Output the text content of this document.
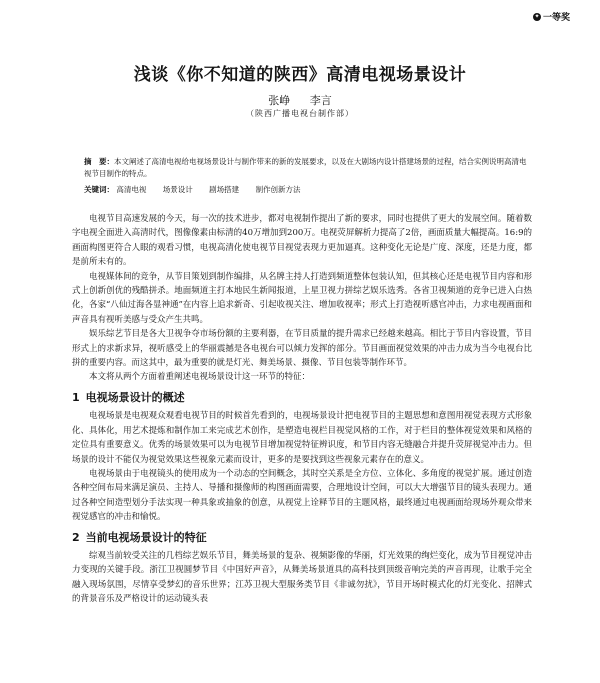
✦ 一等奖
浅谈《你不知道的陕西》高清电视场景设计
张峥 李言
（陕西广播电视台制作部）
摘　要：本文阐述了高清电视给电视场景设计与制作带来的新的发展要求，以及在大剧场内设计搭建场景的过程，结合实例说明高清电视节目制作的特点。
关键词： 高清电视 场景设计 剧场搭建 制作创新方法

电视节目高速发展的今天，每一次的技术进步，都对电视制作提出了新的要求，同时也提供了更大的发展空间。随着数字电视全面进入高清时代，图像像素由标清的40万增加到200万。电视荧屏解析力提高了2倍，画面质量大幅提高。16:9的画面构图更符合人眼的观看习惯，电视高清化使电视节目视觉表现力更加逼真。这种变化无论是广度、深度，还是力度，都是前所未有的。

电视媒体间的竞争，从节目策划到制作编排，从名牌主持人打造到频道整体包装认知，但其核心还是电视节目内容和形式上创新创优的残酷拼杀。地面频道主打本地民生新闻报道，上星卫视力拼综艺娱乐选秀。各省卫视频道的竞争已进入白热化，各家“八仙过海各显神通”在内容上追求新奇、引起收视关注、增加收视率；形式上打造视听感官冲击，力求电视画面和声音具有视听美感与受众产生共鸣。

娱乐综艺节目是各大卫视争夺市场份额的主要利器，在节目质量的提升需求已经越来越高。相比于节目内容设置，节目形式上的求新求异，视听感受上的华丽震撼是各电视台可以倾力发挥的部分。节目画面视觉效果的冲击力成为当今电视台比拼的重要内容。而这其中，最为重要的就是灯光、舞美场景、摄像、节目包装等制作环节。

本文将从两个方面着重阐述电视场景设计这一环节的特征：

1 电视场景设计的概述

电视场景是电视观众观看电视节目的时候首先看到的，电视场景设计把电视节目的主题思想和意图用视觉表现方式形象化、具体化，用艺术提炼和制作加工来完成艺术创作，是塑造电视栏目视觉风格的工作，对于栏目的整体视觉效果和风格的定位具有重要意义。优秀的场景效果可以为电视节目增加视觉特征辨识度，和节目内容无缝融合并提升荧屏视觉冲击力。但场景的设计不能仅为视觉效果这些视象元素而设计，更多的是要找到这些视象元素存在的意义。

电视场景由于电视镜头的使用成为一个动态的空间概念，其时空关系是全方位、立体化、多角度的视觉扩展。通过创造各种空间布局来满足演员、主持人、导播和摄像师的构图画面需要，合理地设计空间，可以大大增强节目的镜头表现力。通过各种空间造型划分手法实现一种具象或抽象的创意，从视觉上诠释节目的主题风格，最终通过电视画面给现场外观众带来视觉感官的冲击和愉悦。

2 当前电视场景设计的特征

综观当前较受关注的几档综艺娱乐节目，舞美场景的复杂、视频影像的华丽，灯光效果的绚烂变化，成为节目视觉冲击力变现的关键手段。浙江卫视圆梦节目《中国好声音》，从舞美场景道具的高科技到顶级音响完美的声音再现，让歌手完全融入现场氛围，尽情享受梦幻的音乐世界；江苏卫视大型服务类节目《非诚勿扰》，节目开场时模式化的灯光变化、招牌式的背景音乐及严格设计的运动镜头表
